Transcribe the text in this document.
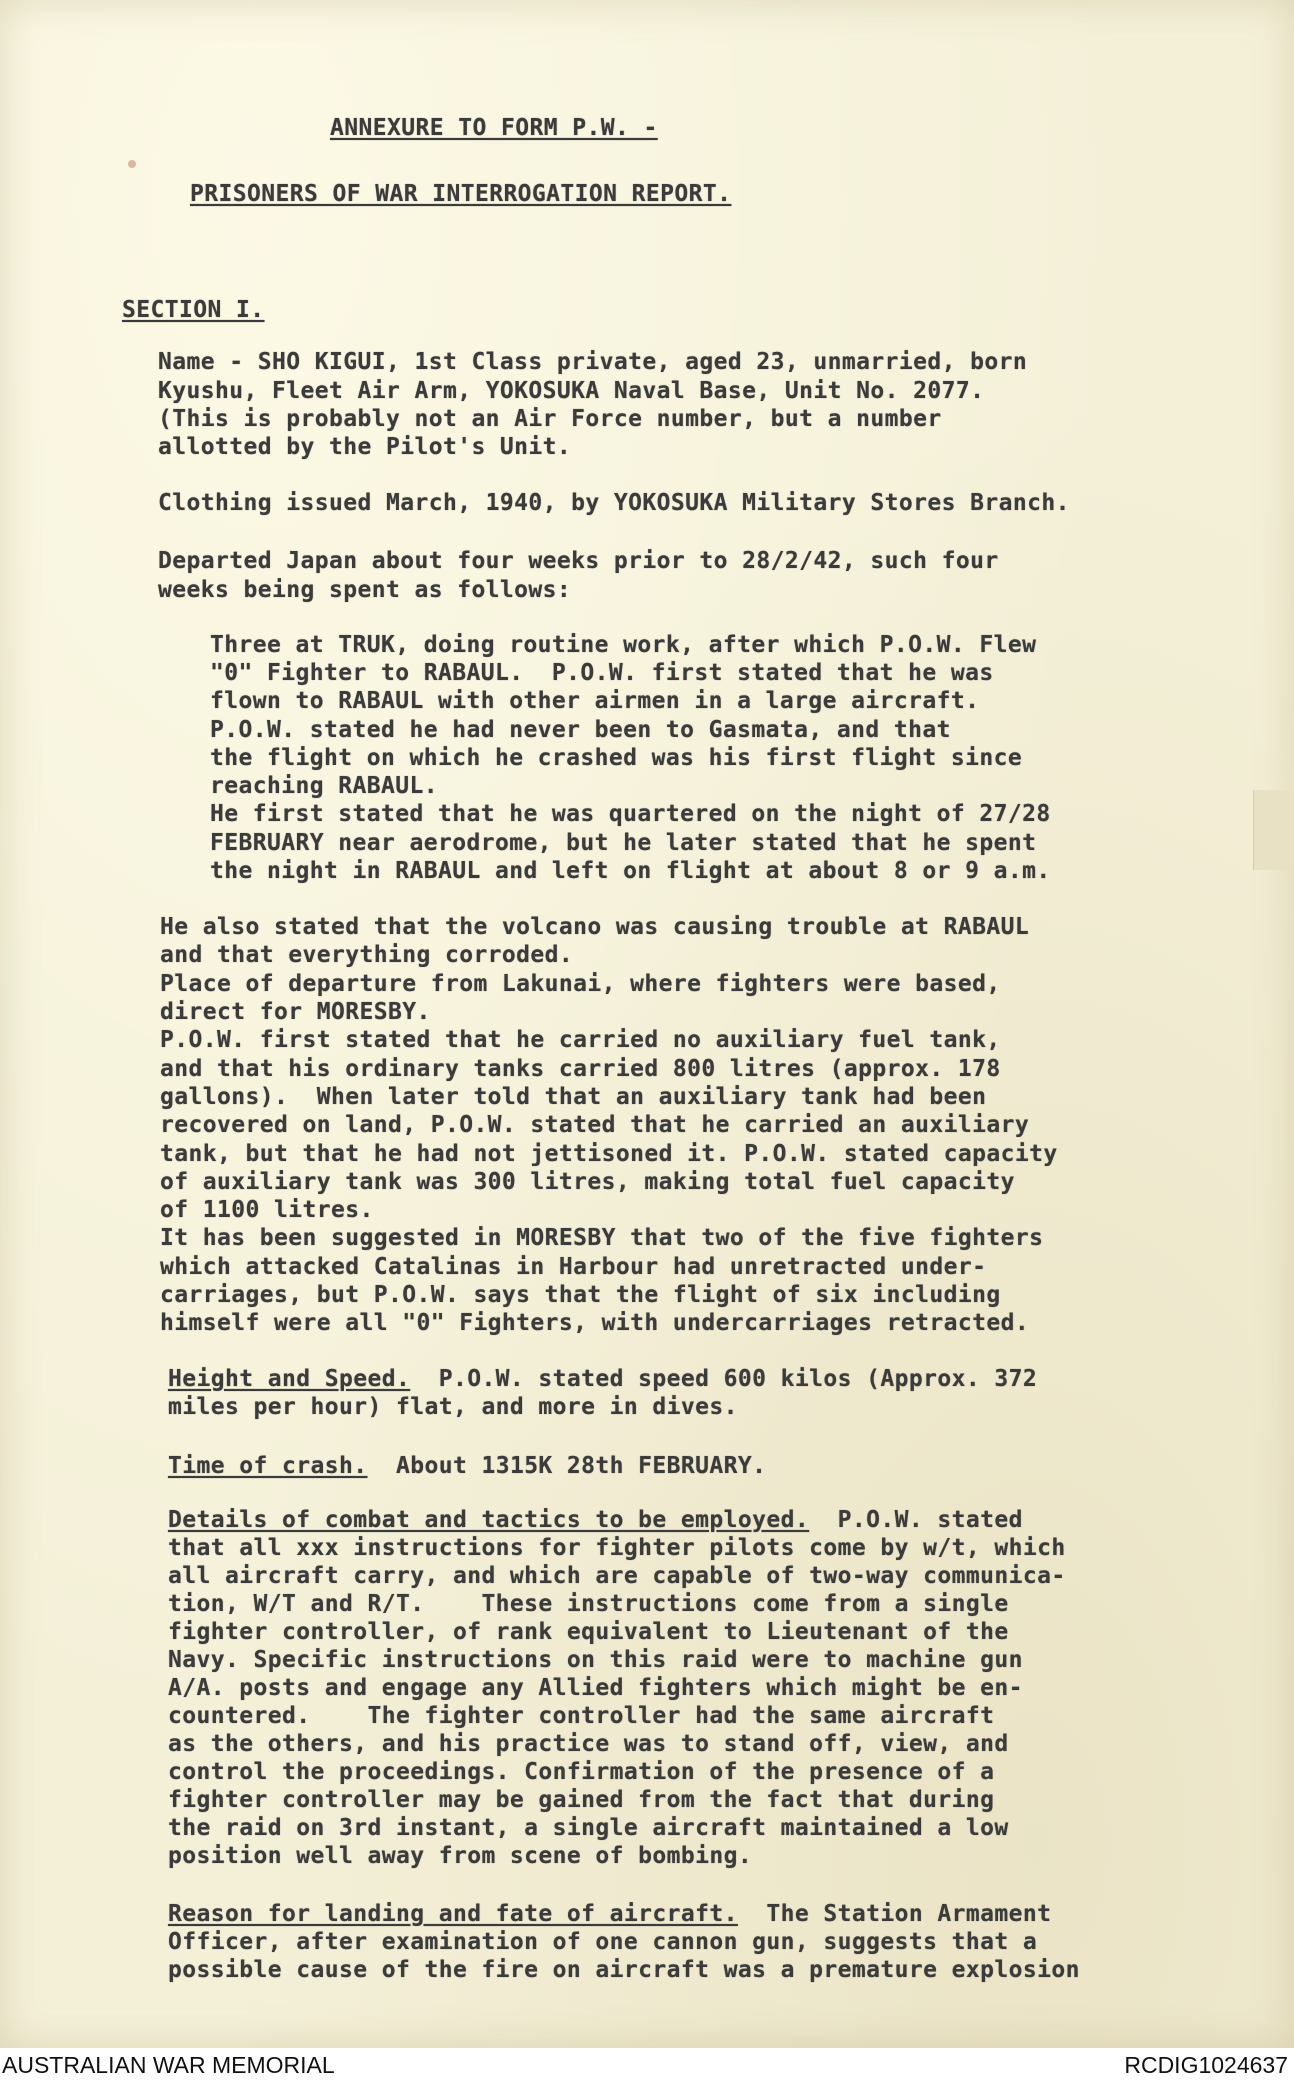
ANNEXURE TO FORM P.W. -
PRISONERS OF WAR INTERROGATION REPORT.
SECTION I.
Name - SHO KIGUI, 1st Class private, aged 23, unmarried, born
Kyushu, Fleet Air Arm, YOKOSUKA Naval Base, Unit No. 2077.
(This is probably not an Air Force number, but a number
allotted by the Pilot's Unit.
Clothing issued March, 1940, by YOKOSUKA Military Stores Branch.
Departed Japan about four weeks prior to 28/2/42, such four
weeks being spent as follows:
Three at TRUK, doing routine work, after which P.O.W. Flew
"0" Fighter to RABAUL.  P.O.W. first stated that he was
flown to RABAUL with other airmen in a large aircraft.
P.O.W. stated he had never been to Gasmata, and that
the flight on which he crashed was his first flight since
reaching RABAUL.
He first stated that he was quartered on the night of 27/28
FEBRUARY near aerodrome, but he later stated that he spent
the night in RABAUL and left on flight at about 8 or 9 a.m.
He also stated that the volcano was causing trouble at RABAUL
and that everything corroded.
Place of departure from Lakunai, where fighters were based,
direct for MORESBY.
P.O.W. first stated that he carried no auxiliary fuel tank,
and that his ordinary tanks carried 800 litres (approx. 178
gallons).  When later told that an auxiliary tank had been
recovered on land, P.O.W. stated that he carried an auxiliary
tank, but that he had not jettisoned it. P.O.W. stated capacity
of auxiliary tank was 300 litres, making total fuel capacity
of 1100 litres.
It has been suggested in MORESBY that two of the five fighters
which attacked Catalinas in Harbour had unretracted under-
carriages, but P.O.W. says that the flight of six including
himself were all "0" Fighters, with undercarriages retracted.
Height and Speed.  P.O.W. stated speed 600 kilos (Approx. 372
miles per hour) flat, and more in dives.
Time of crash.  About 1315K 28th FEBRUARY.
Details of combat and tactics to be employed.  P.O.W. stated
that all xxx instructions for fighter pilots come by w/t, which
all aircraft carry, and which are capable of two-way communica-
tion, W/T and R/T.    These instructions come from a single
fighter controller, of rank equivalent to Lieutenant of the
Navy. Specific instructions on this raid were to machine gun
A/A. posts and engage any Allied fighters which might be en-
countered.    The fighter controller had the same aircraft
as the others, and his practice was to stand off, view, and
control the proceedings. Confirmation of the presence of a
fighter controller may be gained from the fact that during
the raid on 3rd instant, a single aircraft maintained a low
position well away from scene of bombing.
Reason for landing and fate of aircraft.  The Station Armament
Officer, after examination of one cannon gun, suggests that a
possible cause of the fire on aircraft was a premature explosion
AUSTRALIAN WAR MEMORIAL	RCDIG1024637
